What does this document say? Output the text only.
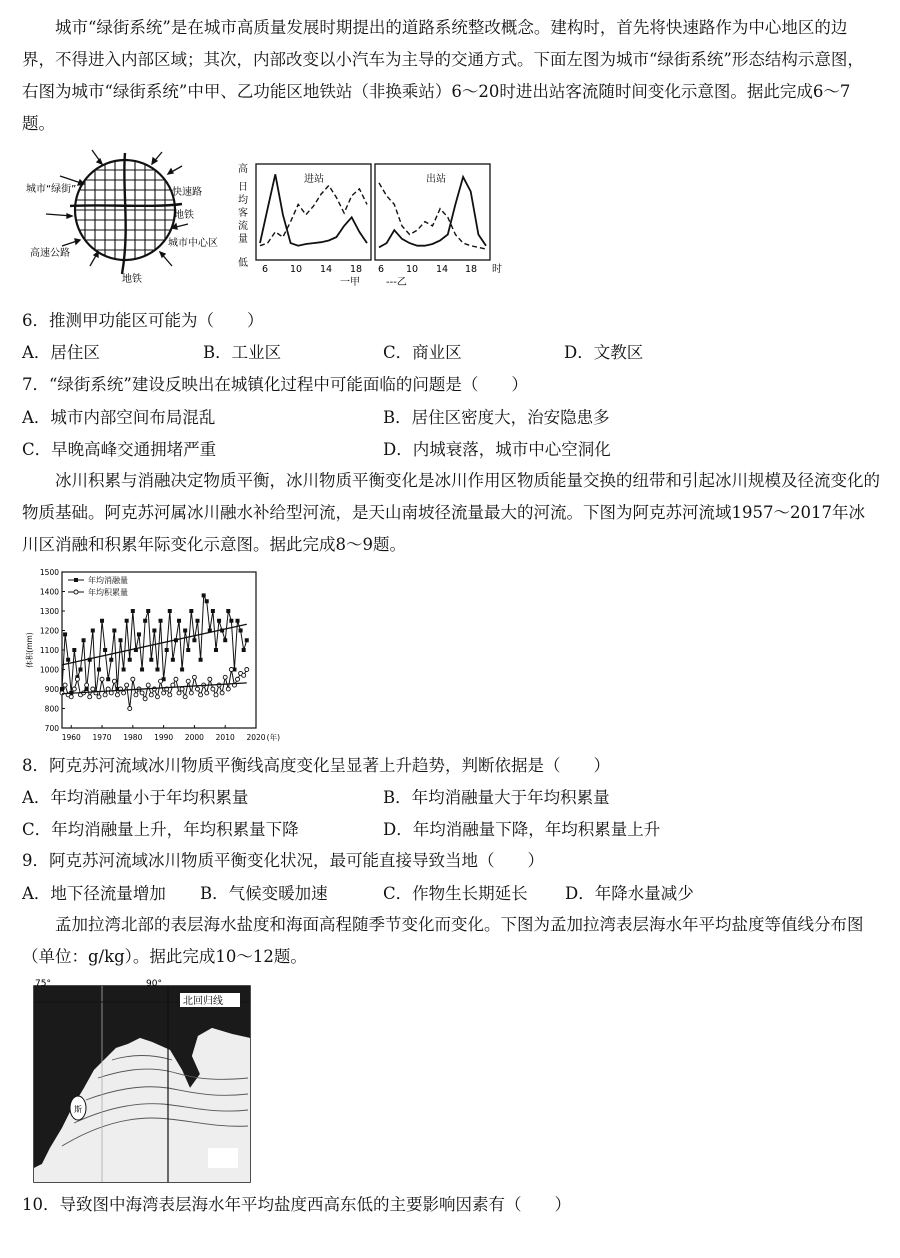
城市“绿街系统”是在城市高质量发展时期提出的道路系统整改概念。建构时，首先将快速路作为中心地区的边界，不得进入内部区域；其次，内部改变以小汽车为主导的交通方式。下面左图为城市“绿街系统”形态结构示意图，右图为城市“绿街系统”中甲、乙功能区地铁站（非换乘站）6～20时进出站客流随时间变化示意图。据此完成6～7题。

城市“绿街”	快速路
地铁
高速公路
城市中心区
地铁
高
日
均
客
流
量
低
进站	出站
6 10 14 18 6 10 14 18 时
一甲	---乙

6．推测甲功能区可能为（　　）

A．居住区	B．工业区	C．商业区	D．文教区

7．“绿街系统”建设反映出在城镇化过程中可能面临的问题是（　　）

A．城市内部空间布局混乱	B．居住区密度大，治安隐患多
C．早晚高峰交通拥堵严重	D．内城衰落，城市中心空洞化

冰川积累与消融决定物质平衡，冰川物质平衡变化是冰川作用区物质能量交换的纽带和引起冰川规模及径流变化的物质基础。阿克苏河属冰川融水补给型河流，是天山南坡径流量最大的河流。下图为阿克苏河流域1957～2017年冰川区消融和积累年际变化示意图。据此完成8～9题。

700
800
900
1000
1100
1200
1300
1400
1500
1960 1970 1980 1990 2000 2010 2020 (年)
体积(mm)
年均消融量
年均积累量

8．阿克苏河流域冰川物质平衡线高度变化呈显著上升趋势，判断依据是（　　）

A．年均消融量小于年均积累量	B．年均消融量大于年均积累量
C．年均消融量上升，年均积累量下降	D．年均消融量下降，年均积累量上升

9．阿克苏河流域冰川物质平衡变化状况，最可能直接导致当地（　　）

A．地下径流量增加 B．气候变暖加速	C．作物生长期延长 D．年降水量减少

孟加拉湾北部的表层海水盐度和海面高程随季节变化而变化。下图为孟加拉湾表层海水年平均盐度等值线分布图（单位：g/kg）。据此完成10～12题。

北回归线
75°	90°
斯

10．导致图中海湾表层海水年平均盐度西高东低的主要影响因素有（　　）
